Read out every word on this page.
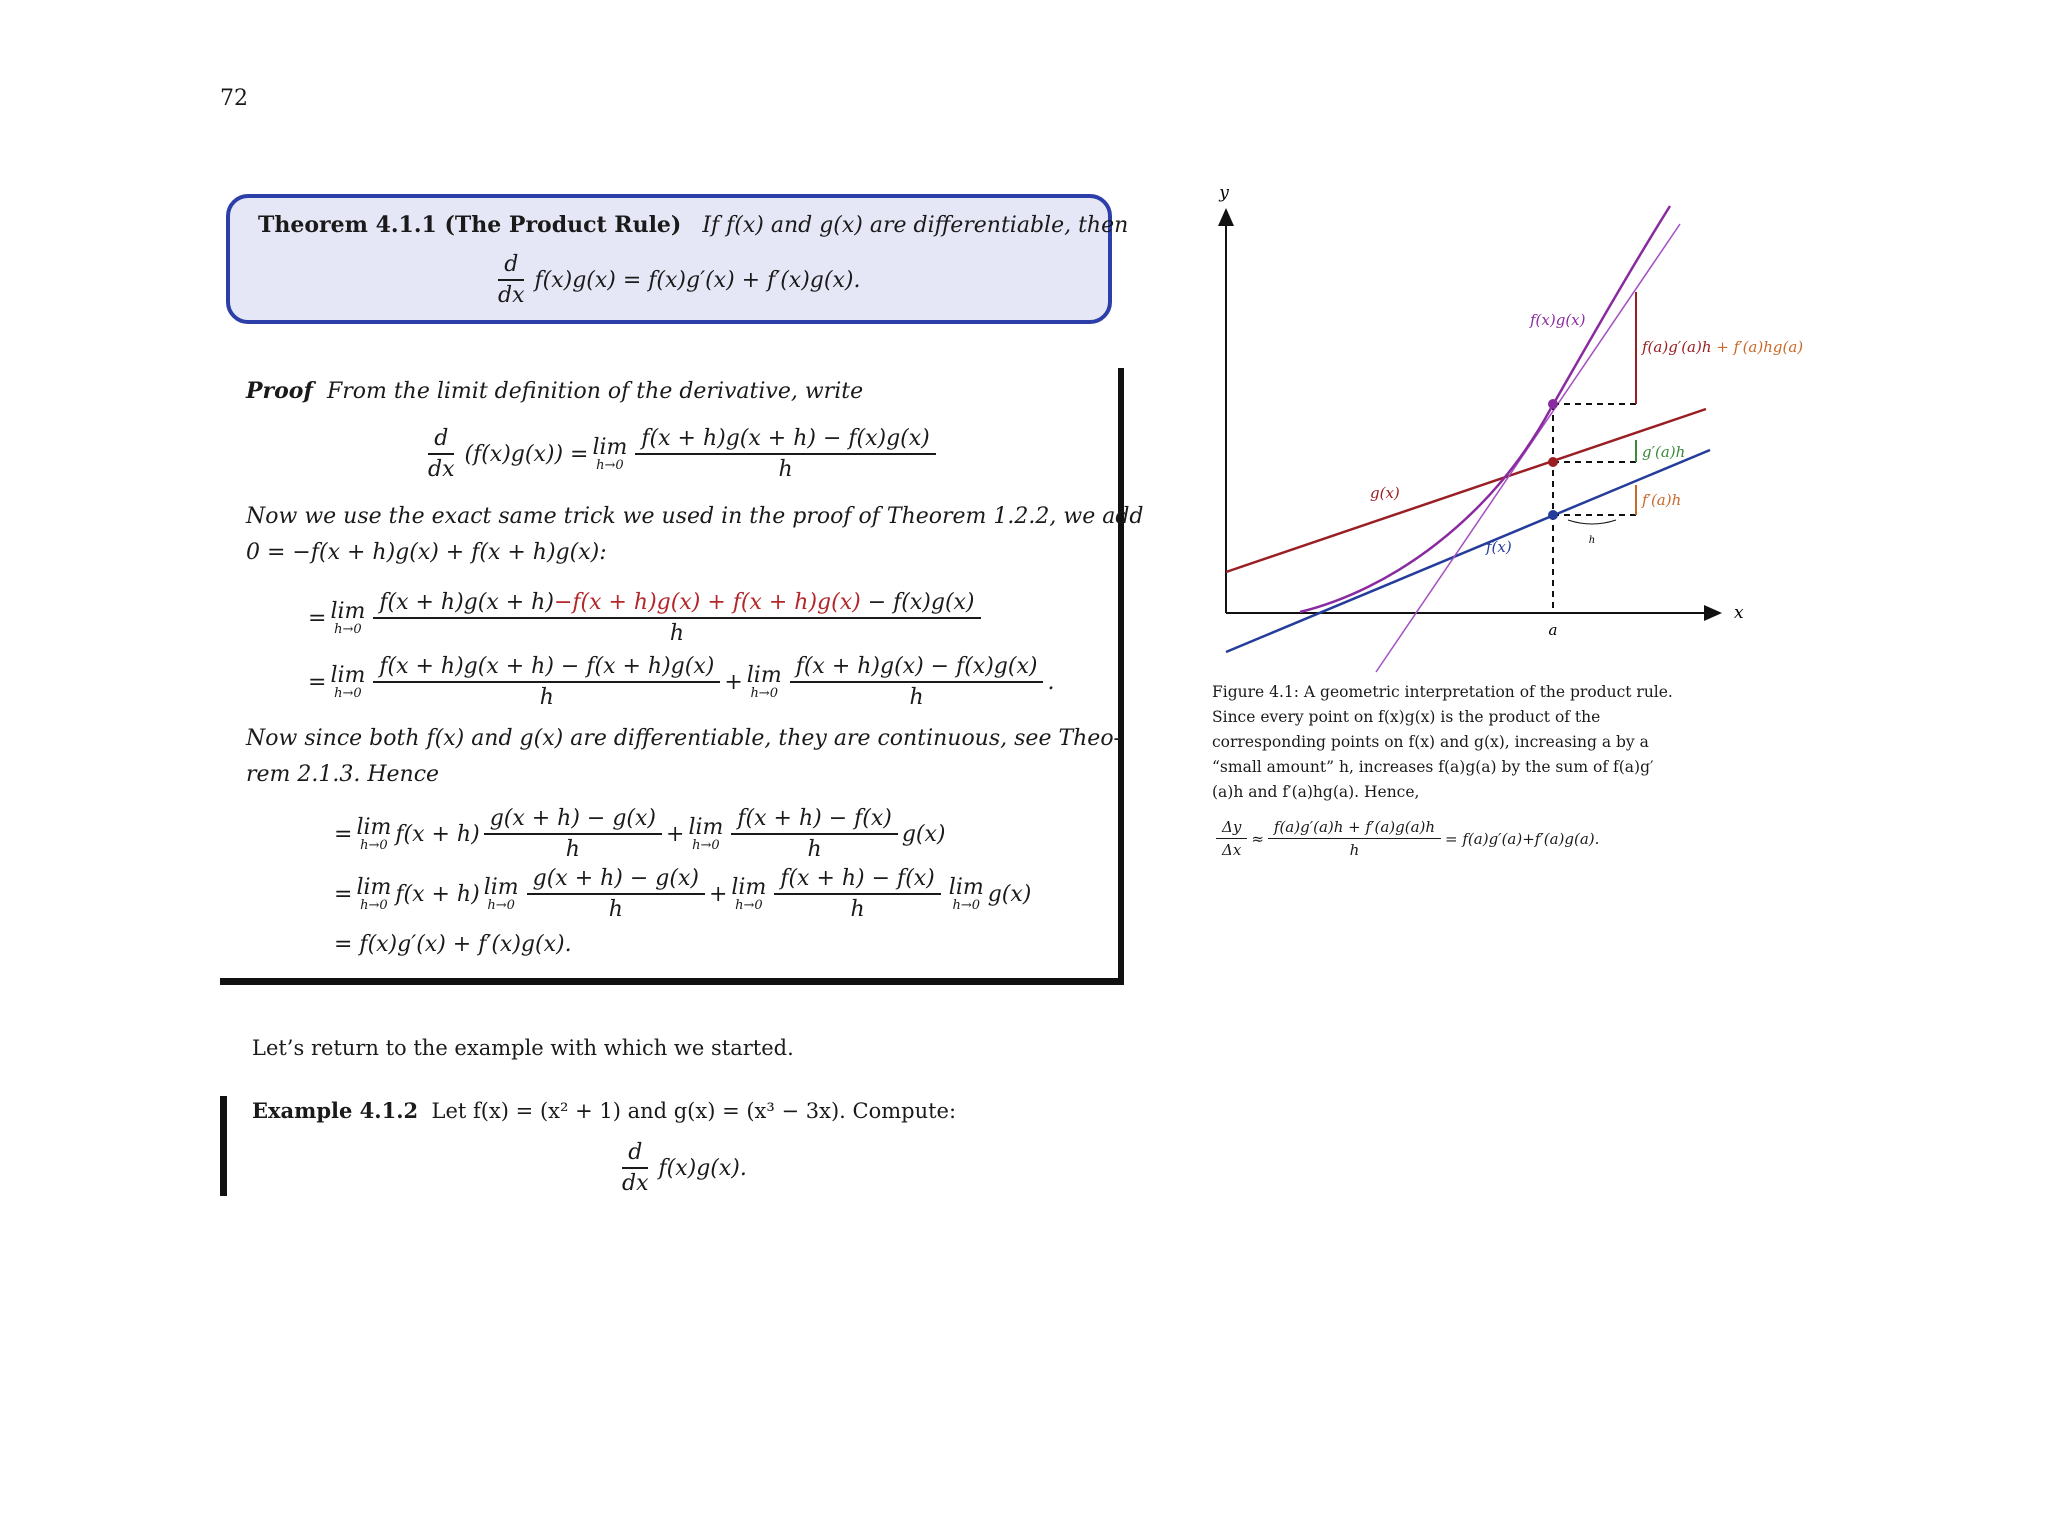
72
Theorem 4.1.1 (The Product Rule) If f(x) and g(x) are differentiable, then
$\frac{d}{dx} f(x)g(x) = f(x)g'(x) + f'(x)g(x)$.
Proof From the limit definition of the derivative, write
$\frac{d}{dx} (f(x)g(x)) = \lim$
$h\to 0 \frac{f(x + h)g(x + h) - f(x)g(x)}{h}$
Now we use the exact same trick we used in the proof of Theorem 1.2.2, we add
0 = −f(x + h)g(x) + f(x + h)g(x):
= lim
$h\to 0 \frac{f(x + h)g(x + h)-f(x + h)g(x) + f(x + h)g(x) - f(x)g(x)}{h}$
= lim
$h\to 0 \frac{f(x + h)g(x + h) - f(x + h)g(x)}{h} + \lim$
$h\to 0 \frac{f(x + h)g(x) - f(x)g(x)}{h}$ .
Now since both f(x) and g(x) are differentiable, they are continuous, see Theo-
rem 2.1.3. Hence
= lim
h→0 $f(x + h) \frac{g(x + h) - g(x)}{h} + \lim$
$h\to 0 \frac{f(x + h) - f(x)}{h} g(x)$
= lim
h→0 f(x + h) lim
$h\to 0 \frac{g(x + h) - g(x)}{h} + \lim$
$h\to 0 \frac{f(x + h) - f(x)}{h}$ lim
h→0 g(x)
= f(x)g′(x) + f′(x)g(x).
Let’s return to the example with which we started.
Example 4.1.2 Let f(x) = (x² + 1) and g(x) = (x³ − 3x). Compute:
$\frac{d}{dx} f(x)g(x)$.
y
x
a
h
f(x)g(x)
g(x)
f(x)
f(a)g′(a)h + f′(a)hg(a)
g′(a)h
f′(a)h
Figure 4.1: A geometric interpretation of the product rule. Since every point on f(x)g(x) is the product of the corresponding points on f(x) and g(x), increasing a by a “small amount” h, increases f(a)g(a) by the sum of f(a)g′(a)h and f′(a)hg(a). Hence,
$\frac{\Delta y}{\Delta x} \approx \frac{f(a)g'(a)h + f'(a)g(a)h}{h} = f(a)g'(a)+f'(a)g(a)$.
